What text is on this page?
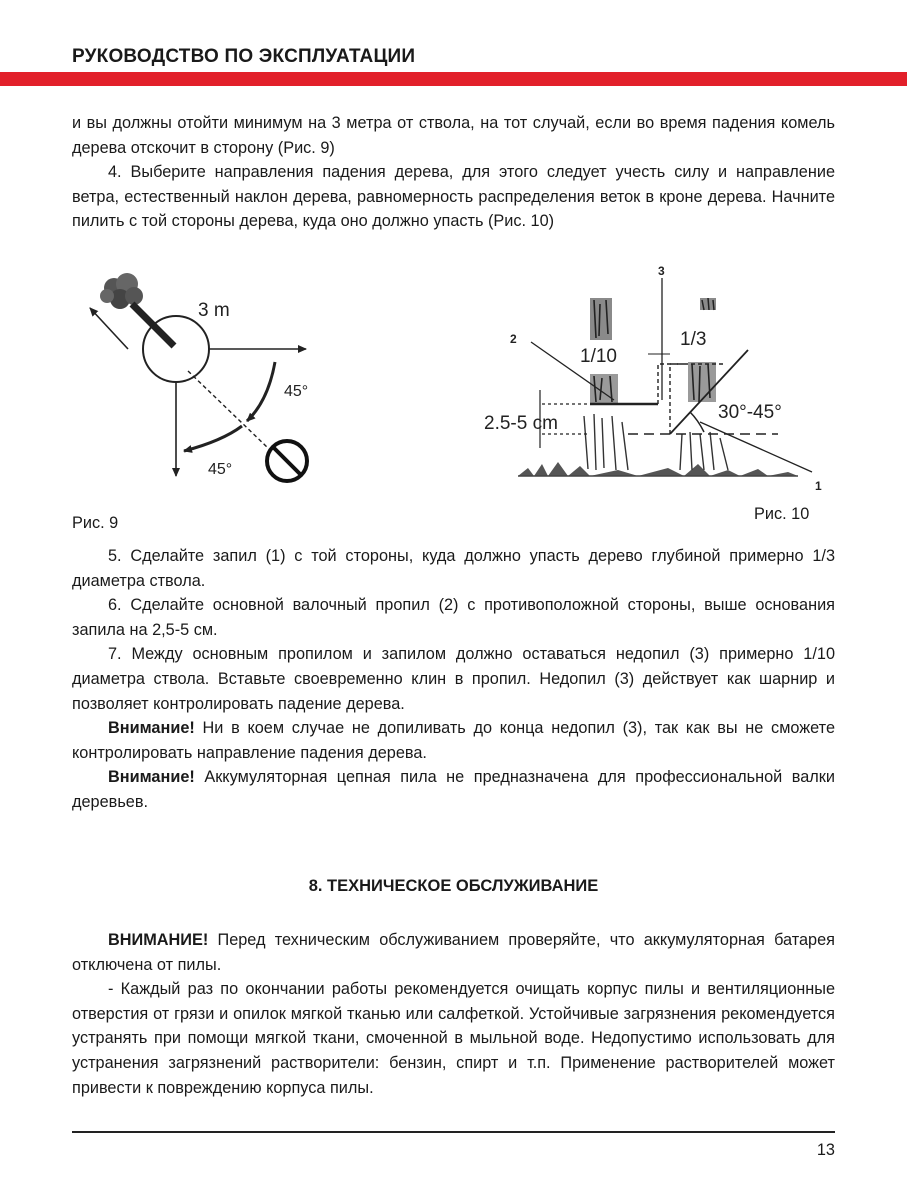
РУКОВОДСТВО ПО ЭКСПЛУАТАЦИИ

и вы должны отойти минимум на 3 метра от ствола, на тот случай, если во время падения комель дерева отскочит в сторону (Рис. 9)

4. Выберите направления падения дерева, для этого следует учесть силу и направление ветра, естественный наклон дерева, равномерность распределения веток в кроне дерева. Начните пилить с той стороны дерева, куда оно должно упасть (Рис. 10)

3 m
45°
45°
Рис. 9
2.5-5 cm
1/10
1/3
30°-45°
2
3
1
Рис. 10

5. Сделайте запил (1) с той стороны, куда должно упасть дерево глубиной примерно 1/3 диаметра ствола.

6. Сделайте основной валочный пропил (2) с противоположной стороны, выше основания запила на 2,5-5 см.

7. Между основным пропилом и запилом должно оставаться недопил (3) примерно 1/10 диаметра ствола. Вставьте своевременно клин в пропил. Недопил (3) действует как шарнир и позволяет контролировать падение дерева.

Внимание! Ни в коем случае не допиливать до конца недопил (3), так как вы не сможете контролировать направление падения дерева.

Внимание! Аккумуляторная цепная пила не предназначена для профессиональной валки деревьев.

8. ТЕХНИЧЕСКОЕ ОБСЛУЖИВАНИЕ

ВНИМАНИЕ! Перед техническим обслуживанием проверяйте, что аккумуляторная батарея отключена от пилы.

- Каждый раз по окончании работы рекомендуется очищать корпус пилы и вентиляционные отверстия от грязи и опилок мягкой тканью или салфеткой. Устойчивые загрязнения рекомендуется устранять при помощи мягкой ткани, смоченной в мыльной воде. Недопустимо использовать для устранения загрязнений растворители: бензин, спирт и т.п. Применение растворителей может привести к повреждению корпуса пилы.

13
